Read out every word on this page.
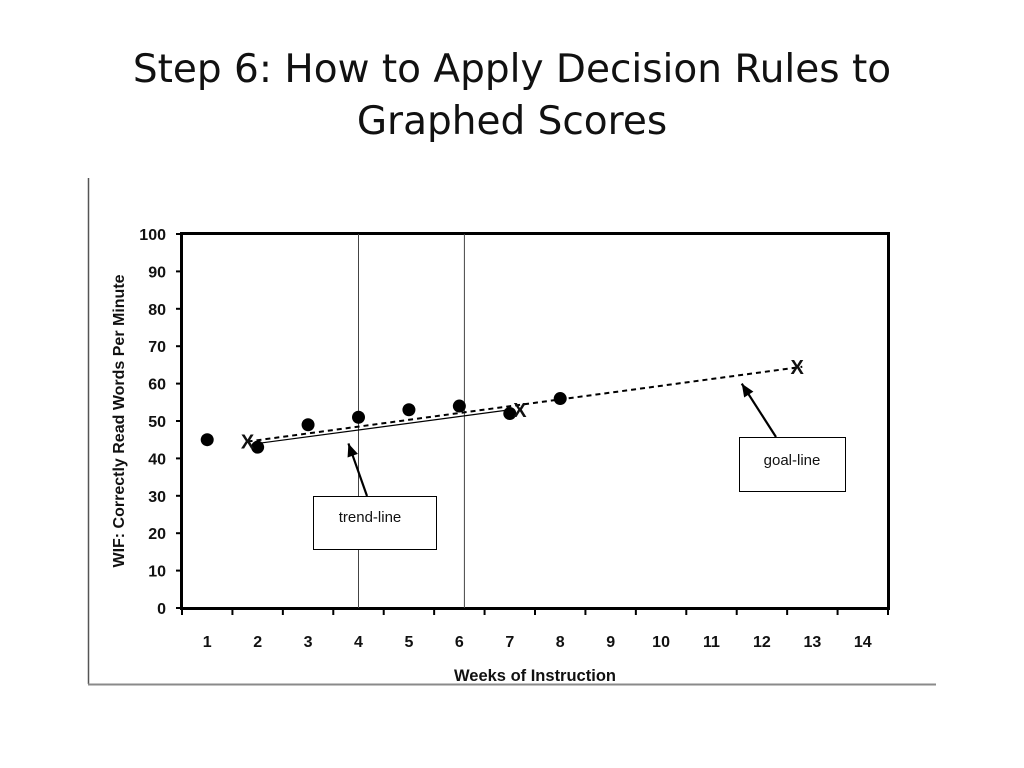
Step 6: How to Apply Decision Rules to
Graphed Scores
0
10
20
30
40
50
60
70
80
90
100
1	2	3	4	5	6	7	8	9 10 11 12 13 14
X
X
X
Weeks of Instruction
WIF: Correctly Read Words Per Minute	trend-line
goal-line
